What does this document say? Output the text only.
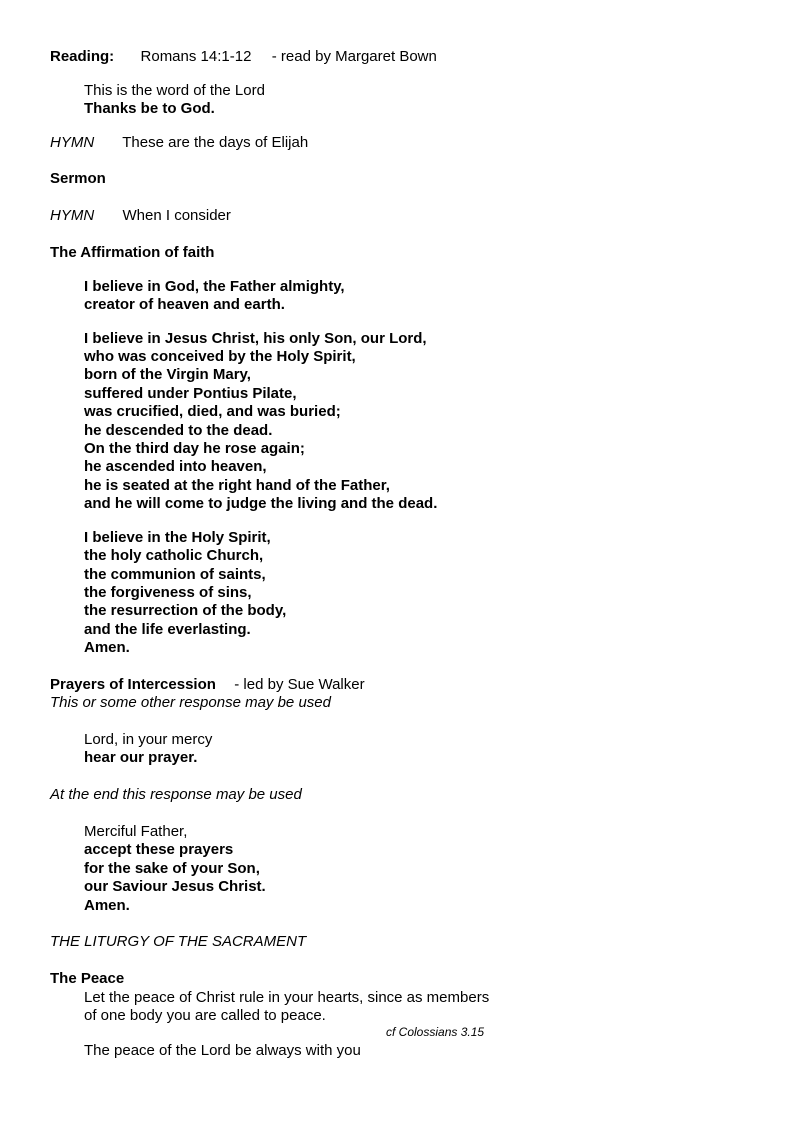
Reading: Romans 14:1-12 - read by Margaret Bown
This is the word of the Lord
Thanks be to God.
HYMN These are the days of Elijah
Sermon
HYMN When I consider
The Affirmation of faith
I believe in God, the Father almighty,
creator of heaven and earth.
I believe in Jesus Christ, his only Son, our Lord,
who was conceived by the Holy Spirit,
born of the Virgin Mary,
suffered under Pontius Pilate,
was crucified, died, and was buried;
he descended to the dead.
On the third day he rose again;
he ascended into heaven,
he is seated at the right hand of the Father,
and he will come to judge the living and the dead.
I believe in the Holy Spirit,
the holy catholic Church,
the communion of saints,
the forgiveness of sins,
the resurrection of the body,
and the life everlasting.
Amen.
Prayers of Intercession - led by Sue Walker
This or some other response may be used
Lord, in your mercy
hear our prayer.
At the end this response may be used
Merciful Father,
accept these prayers
for the sake of your Son,
our Saviour Jesus Christ.
Amen.
THE LITURGY OF THE SACRAMENT
The Peace
Let the peace of Christ rule in your hearts, since as members
of one body you are called to peace.
cf Colossians 3.15
The peace of the Lord be always with you
